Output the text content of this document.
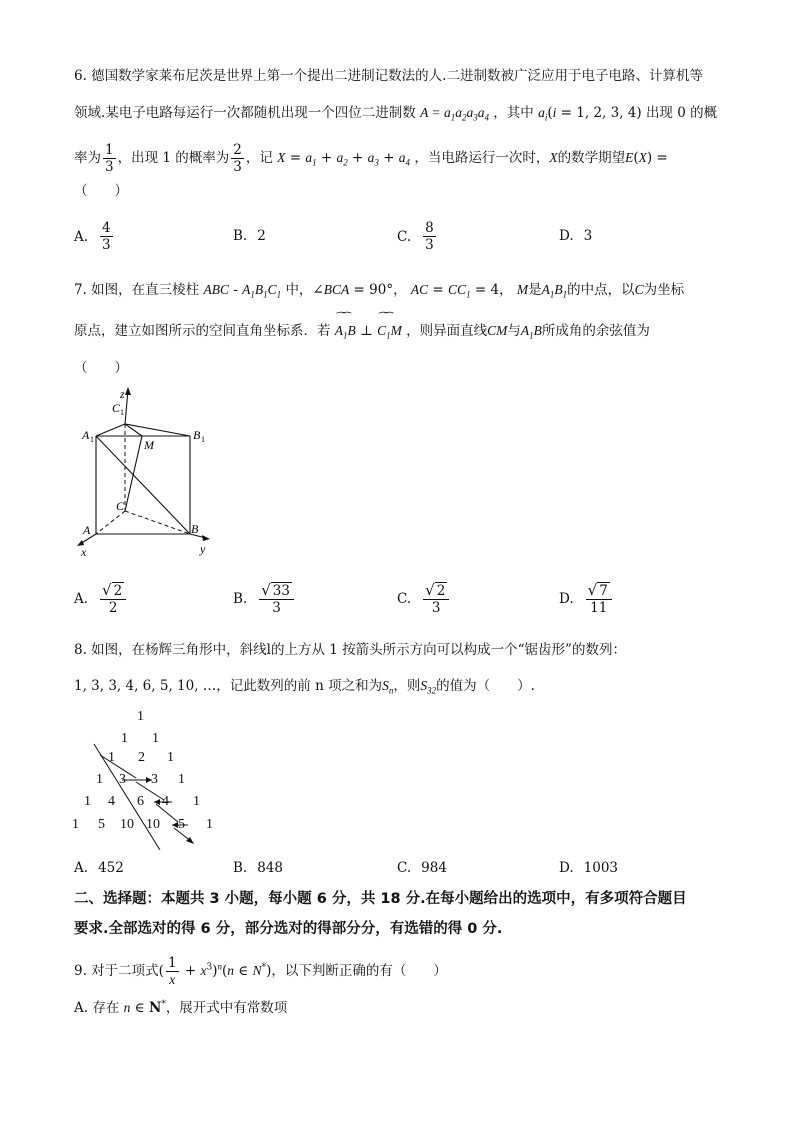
6. 德国数学家莱布尼茨是世界上第一个提出二进制记数法的人.二进制数被广泛应用于电子电路、计算机等
领域.某电子电路每运行一次都随机出现一个四位二进制数 $A = a_1a_2a_3a_4$ ，其中 $a_i(i = 1$, 2, 3, 4) 出现 0 的概
率为 $\frac{1}{3}$ ，出现 1 的概率为 $\frac{2}{3}$ ，记 $X = a_1 + a_2 + a_3 + a_4$ ，当电路运行一次时，X的数学期望E(X) =
（　　）
A. $\frac{4}{3}$	B. 2	C. $\frac{8}{3}$	D. 3
7. 如图，在直三棱柱 ABC - $A_1B_1C_1$ 中，∠BCA = 90°， AC = $CC_1 = 4$， M是$A_1B_1$的中点，以C为坐标
原点，建立如图所示的空间直角坐标系．若 ⁀⁀ $A_1B$ ⊥ ⁀⁀ $C_1M$ ，则异面直线CM与$A_1B$所成角的余弦值为
（　　）
z
C 1
A 1	B 1
M
C
A	B
x	y
A. $\frac{√ 2}{2}$	B. $\frac{√ 33}{3}$	C. $\frac{√ 2}{3}$	D. $\frac{√ 7}{11}$
8. 如图，在杨辉三角形中，斜线l的上方从 1 按箭头所示方向可以构成一个“锯齿形”的数列：
1, 3, 3, 4, 6, 5, 10, …，记此数列的前 n 项之和为$S_n$，则$S_{32}$的值为（　　）.
1
1 1
1 2 1
1 3 3 1
1 4 6 4 1
1 5 10 10 5 1
A. 452	B. 848	C. 984	D. 1003
二、选择题：本题共 3 小题，每小题 6 分，共 18 分.在每小题给出的选项中，有多项符合题目
要求.全部选对的得 6 分，部分选对的得部分分，有选错的得 0 分.
9. 对于二项式( $\frac{1}{x} + x^3)^n(n$ ∈ N*)，以下判断正确的有（　　）
A. 存在 n ∈ N*，展开式中有常数项
